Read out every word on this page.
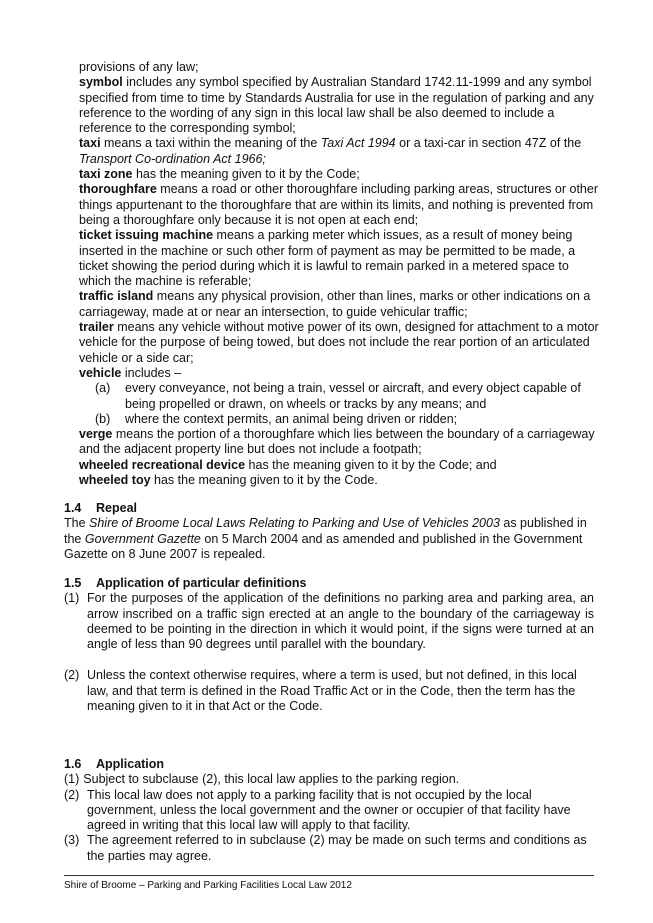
provisions of any law;

symbol includes any symbol specified by Australian Standard 1742.11-1999 and any symbol specified from time to time by Standards Australia for use in the regulation of parking and any reference to the wording of any sign in this local law shall be also deemed to include a reference to the corresponding symbol;

taxi means a taxi within the meaning of the Taxi Act 1994 or a taxi-car in section 47Z of the Transport Co-ordination Act 1966;

taxi zone has the meaning given to it by the Code;

thoroughfare means a road or other thoroughfare including parking areas, structures or other things appurtenant to the thoroughfare that are within its limits, and nothing is prevented from being a thoroughfare only because it is not open at each end;

ticket issuing machine means a parking meter which issues, as a result of money being inserted in the machine or such other form of payment as may be permitted to be made, a ticket showing the period during which it is lawful to remain parked in a metered space to which the machine is referable;

traffic island means any physical provision, other than lines, marks or other indications on a carriageway, made at or near an intersection, to guide vehicular traffic;

trailer means any vehicle without motive power of its own, designed for attachment to a motor vehicle for the purpose of being towed, but does not include the rear portion of an articulated vehicle or a side car;

vehicle includes –

(a)	every conveyance, not being a train, vessel or aircraft, and every object capable of being propelled or drawn, on wheels or tracks by any means; and
(b)	where the context permits, an animal being driven or ridden;

verge means the portion of a thoroughfare which lies between the boundary of a carriageway and the adjacent property line but does not include a footpath;

wheeled recreational device has the meaning given to it by the Code; and

wheeled toy has the meaning given to it by the Code.

1.4 Repeal

The Shire of Broome Local Laws Relating to Parking and Use of Vehicles 2003 as published in the Government Gazette on 5 March 2004 and as amended and published in the Government Gazette on 8 June 2007 is repealed.

1.5 Application of particular definitions
(1) For the purposes of the application of the definitions no parking area and parking area, an arrow inscribed on a traffic sign erected at an angle to the boundary of the carriageway is deemed to be pointing in the direction in which it would point, if the signs were turned at an angle of less than 90 degrees until parallel with the boundary.
(2) Unless the context otherwise requires, where a term is used, but not defined, in this local law, and that term is defined in the Road Traffic Act or in the Code, then the term has the meaning given to it in that Act or the Code.
1.6 Application
(1) Subject to subclause (2), this local law applies to the parking region.
(2) This local law does not apply to a parking facility that is not occupied by the local government, unless the local government and the owner or occupier of that facility have agreed in writing that this local law will apply to that facility.
(3) The agreement referred to in subclause (2) may be made on such terms and conditions as the parties may agree.
Shire of Broome – Parking and Parking Facilities Local Law 2012
